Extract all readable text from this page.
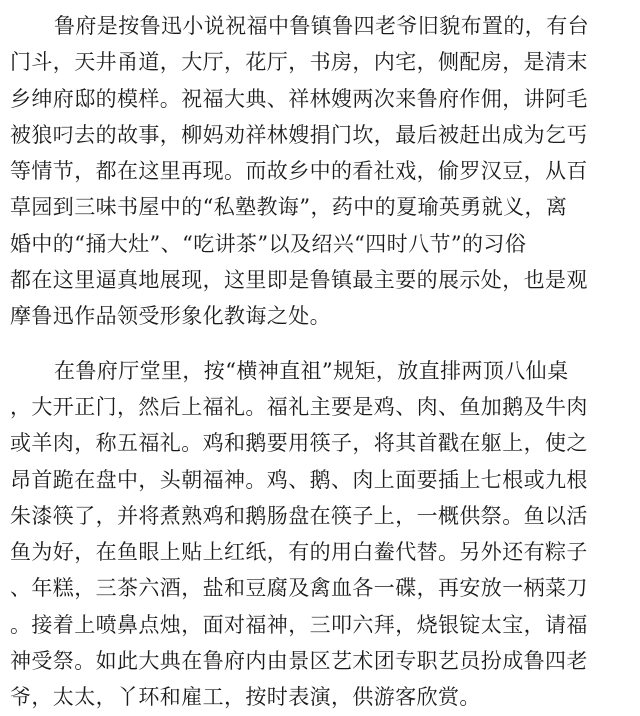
鲁府是按鲁迅小说祝福中鲁镇鲁四老爷旧貌布置的，有台
门斗，天井甬道，大厅，花厅，书房，内宅，侧配房，是清末
乡绅府邸的模样。祝福大典、祥林嫂两次来鲁府作佣，讲阿毛
被狼叼去的故事，柳妈劝祥林嫂捐门坎，最后被赶出成为乞丐
等情节，都在这里再现。而故乡中的看社戏，偷罗汉豆，从百
草园到三味书屋中的“私塾教诲”，药中的夏瑜英勇就义，离
婚中的“捅大灶”、“吃讲茶”以及绍兴“四时八节”的习俗
都在这里逼真地展现，这里即是鲁镇最主要的展示处，也是观
摩鲁迅作品领受形象化教诲之处。
在鲁府厅堂里，按“横神直祖”规矩，放直排两顶八仙桌
，大开正门，然后上福礼。福礼主要是鸡、肉、鱼加鹅及牛肉
或羊肉，称五福礼。鸡和鹅要用筷子，将其首戳在躯上，使之
昂首跪在盘中，头朝福神。鸡、鹅、肉上面要插上七根或九根
朱漆筷了，并将煮熟鸡和鹅肠盘在筷子上，一概供祭。鱼以活
鱼为好，在鱼眼上贴上红纸，有的用白鲞代替。另外还有粽子
、年糕，三茶六酒，盐和豆腐及禽血各一碟，再安放一柄菜刀
。接着上喷鼻点烛，面对福神，三叩六拜，烧银锭太宝，请福
神受祭。如此大典在鲁府内由景区艺术团专职艺员扮成鲁四老
爷，太太，丫环和雇工，按时表演，供游客欣赏。
